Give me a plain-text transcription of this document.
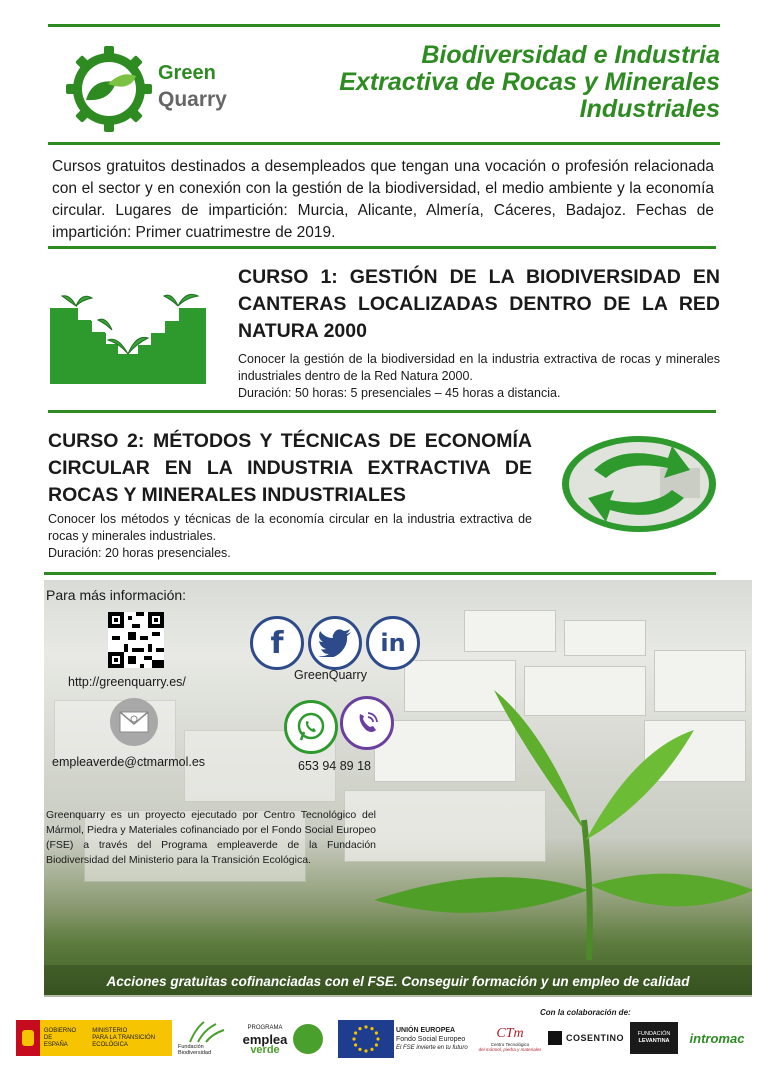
Green
Quarry
Biodiversidad e Industria
Extractiva de Rocas y Minerales
Industriales
Cursos gratuitos destinados a desempleados que tengan una vocación o profesión relacionada con el sector y en conexión con la gestión de la biodiversidad, el medio ambiente y la economía circular. Lugares de impartición: Murcia, Alicante, Almería, Cáceres, Badajoz. Fechas de impartición: Primer cuatrimestre de 2019.
CURSO 1: GESTIÓN DE LA BIODIVERSIDAD EN CANTERAS LOCALIZADAS DENTRO DE LA RED NATURA 2000
Conocer la gestión de la biodiversidad en la industria extractiva de rocas y minerales industriales dentro de la Red Natura 2000.
Duración: 50 horas: 5 presenciales – 45 horas a distancia.
CURSO 2: MÉTODOS Y TÉCNICAS DE ECONOMÍA CIRCULAR EN LA INDUSTRIA EXTRACTIVA DE ROCAS Y MINERALES INDUSTRIALES
Conocer los métodos y técnicas de la economía circular en la industria extractiva de rocas y minerales industriales.
Duración: 20 horas presenciales.
Para más información:
http://greenquarry.es/
f	in
GreenQuarry
empleaverde@ctmarmol.es	653 94 89 18
Greenquarry es un proyecto ejecutado por Centro Tecnológico del Mármol, Piedra y Materiales cofinanciado por el Fondo Social Europeo (FSE) a través del Programa empleaverde de la Fundación Biodiversidad del Ministerio para la Transición Ecológica.
Acciones gratuitas cofinanciadas con el FSE. Conseguir formación y un empleo de calidad
Con la colaboración de:
GOBIERNO
DE ESPAÑA
MINISTERIO
PARA LA TRANSICIÓN ECOLÓGICA	Fundación Biodiversidad
PROGRAMA
emplea
verde
UNIÓN EUROPEA
Fondo Social Europeo
El FSE invierte en tu futuro
CTm
Centro Tecnológico
del mármol, piedra y materiales
COSENTINO FUNDACIÓN
LEVANTINA intromac
